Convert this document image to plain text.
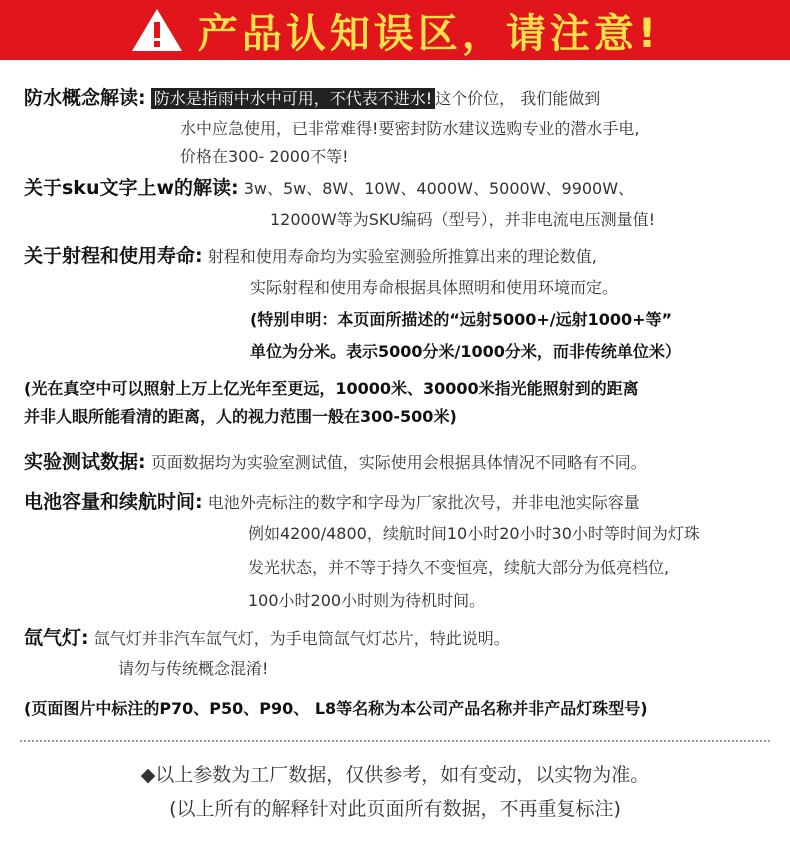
产品认知误区，请注意!
防水概念解读: 防水是指雨中水中可用，不代表不进水! 这个价位， 我们能做到
水中应急使用，已非常难得!要密封防水建议选购专业的潜水手电,
价格在300- 2000不等!
关于sku文字上w的解读: 3w、5w、8W、10W、4000W、5000W、9900W、
12000W等为SKU编码（型号），并非电流电压测量值!
关于射程和使用寿命: 射程和使用寿命均为实验室测验所推算出来的理论数值,
实际射程和使用寿命根据具体照明和使用环境而定。
(特别申明：本页面所描述的“远射5000+/远射1000+等”
单位为分米。表示5000分米/1000分米，而非传统单位米）
(光在真空中可以照射上万上亿光年至更远，10000米、30000米指光能照射到的距离
并非人眼所能看清的距离，人的视力范围一般在300-500米)
实验测试数据: 页面数据均为实验室测试值，实际使用会根据具体情况不同略有不同。
电池容量和续航时间: 电池外壳标注的数字和字母为厂家批次号，并非电池实际容量
例如4200/4800，续航时间10小时20小时30小时等时间为灯珠
发光状态，并不等于持久不变恒亮，续航大部分为低亮档位,
100小时200小时则为待机时间。
氙气灯: 氙气灯并非汽车氙气灯，为手电筒氙气灯芯片，特此说明。
请勿与传统概念混淆!
(页面图片中标注的P70、P50、P90、 L8等名称为本公司产品名称并非产品灯珠型号)
◆以上参数为工厂数据，仅供参考，如有变动，以实物为准。
(以上所有的解释针对此页面所有数据，不再重复标注)
